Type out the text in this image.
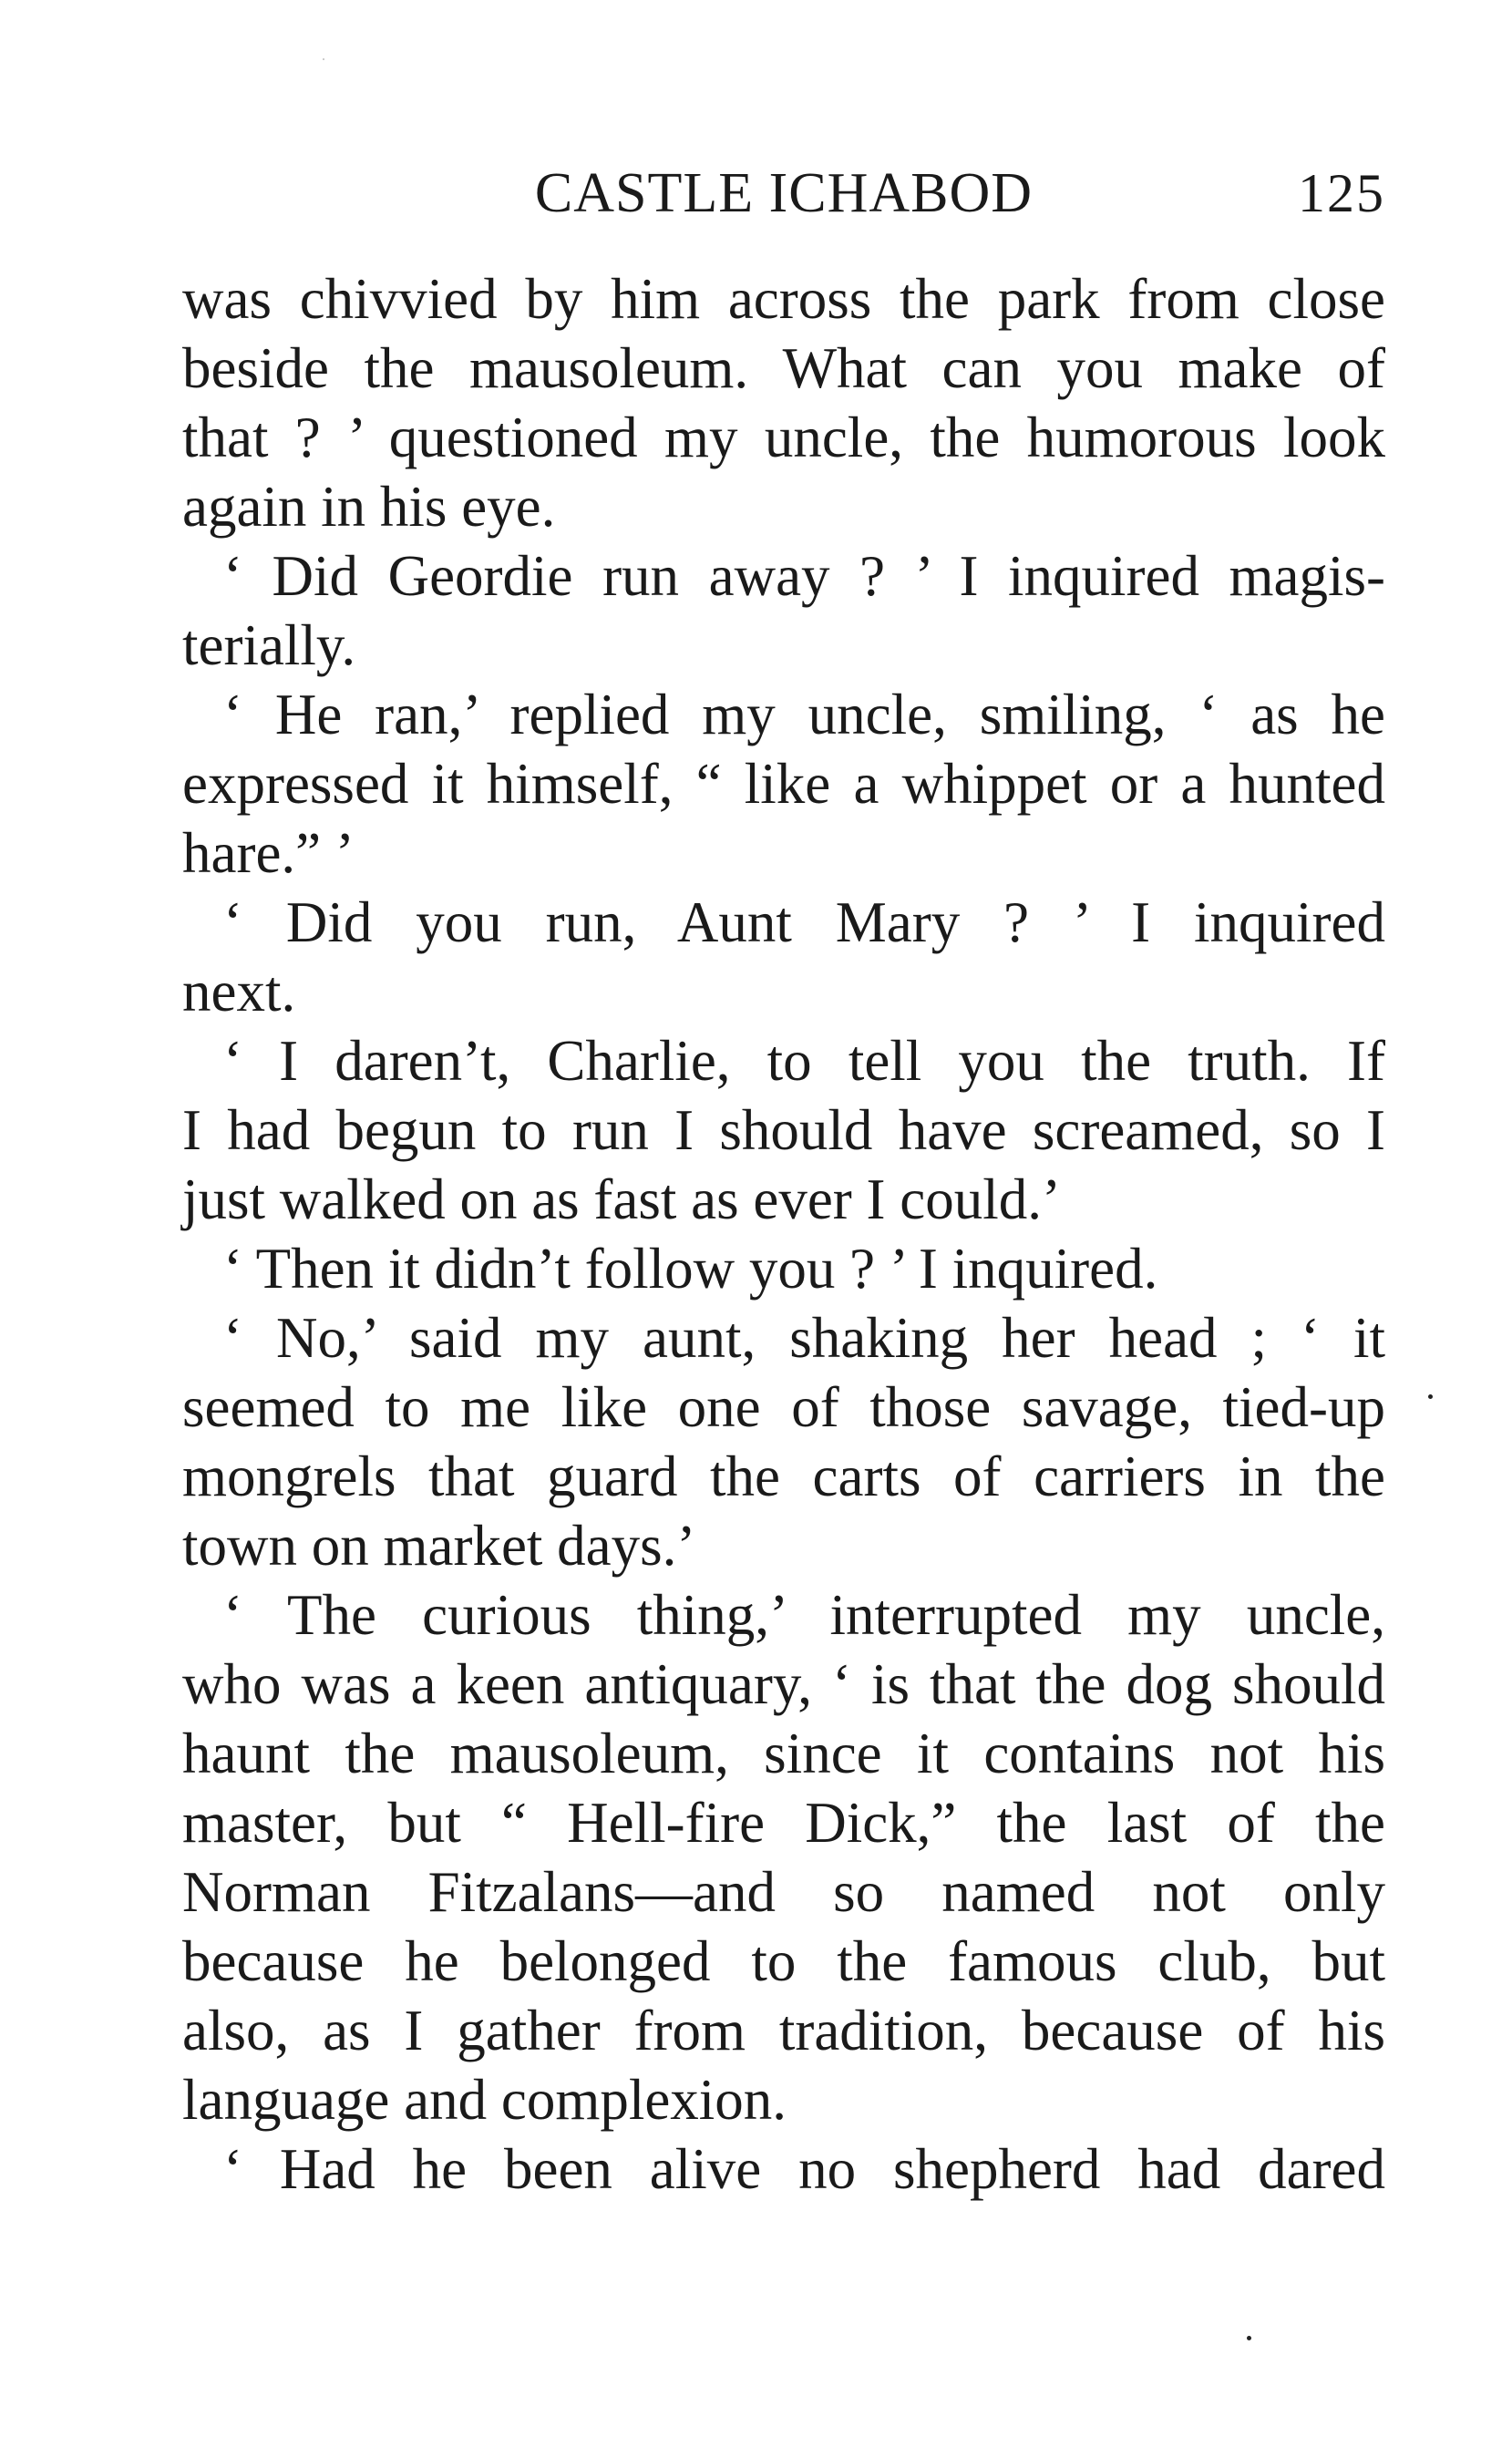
CASTLE ICHABOD	125
was chivvied by him across the park from close
beside the mausoleum. What can you make of
that ? ’ questioned my uncle, the humorous look
again in his eye.
‘ Did Geordie run away ? ’ I inquired magis-
terially.
‘ He ran,’ replied my uncle, smiling, ‘ as he
expressed it himself, “ like a whippet or a hunted
hare.” ’
‘ Did you run, Aunt Mary ? ’ I inquired
next.
‘ I daren’t, Charlie, to tell you the truth. If
I had begun to run I should have screamed, so I
just walked on as fast as ever I could.’
‘ Then it didn’t follow you ? ’ I inquired.
‘ No,’ said my aunt, shaking her head ; ‘ it
seemed to me like one of those savage, tied-up
mongrels that guard the carts of carriers in the
town on market days.’
‘ The curious thing,’ interrupted my uncle,
who was a keen antiquary, ‘ is that the dog should
haunt the mausoleum, since it contains not his
master, but “ Hell-fire Dick,” the last of the
Norman Fitzalans—and so named not only
because he belonged to the famous club, but
also, as I gather from tradition, because of his
language and complexion.
‘ Had he been alive no shepherd had dared
